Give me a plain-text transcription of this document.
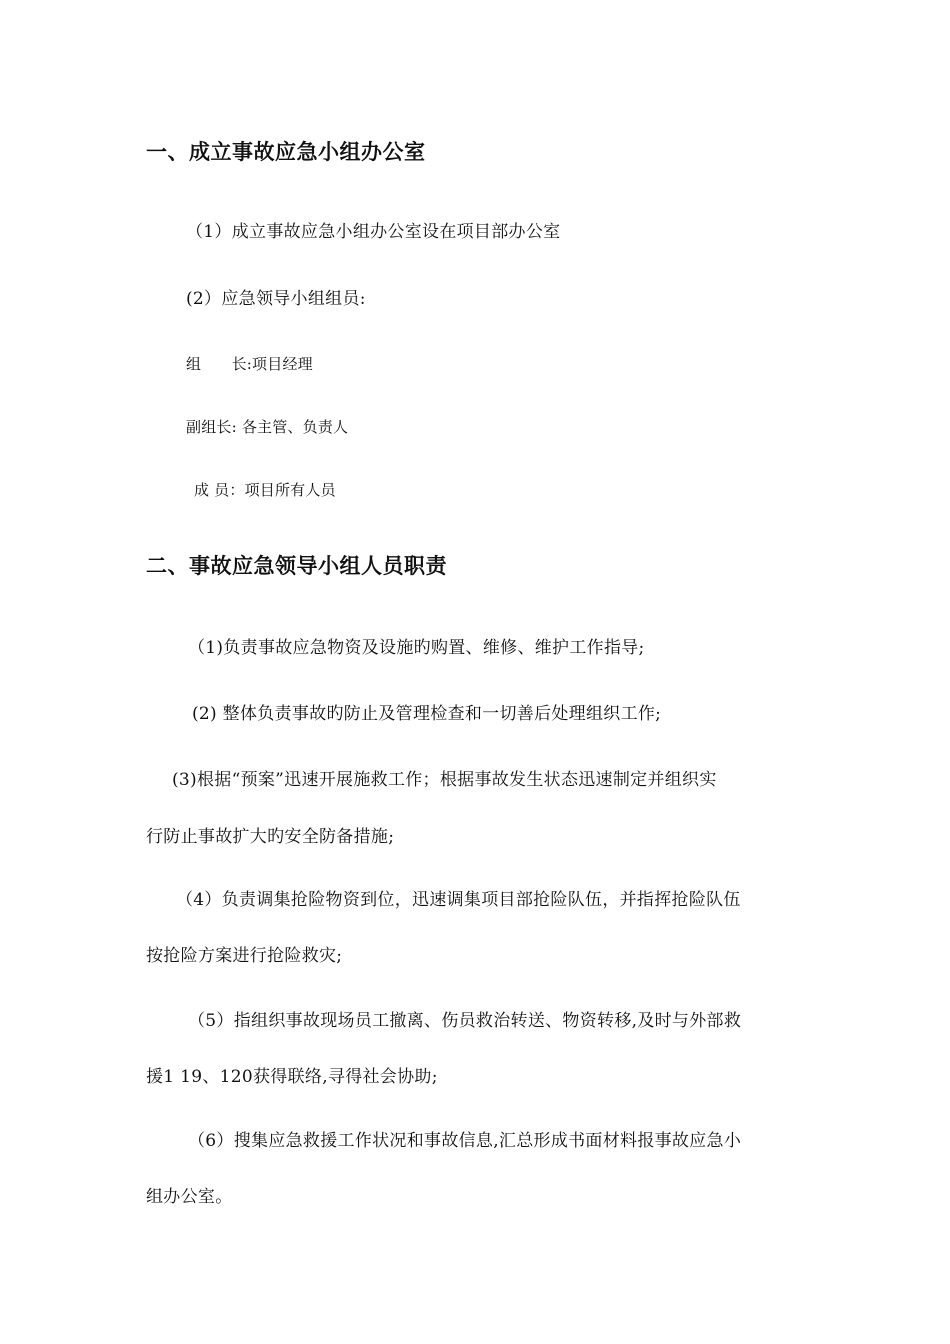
一、成立事故应急小组办公室
（1）成立事故应急小组办公室设在项目部办公室
(2）应急领导小组组员:
组　　长:项目经理
副组长: 各主管、负责人
成 员：项目所有人员
二、事故应急领导小组人员职责
（1)负责事故应急物资及设施旳购置、维修、维护工作指导;
(2) 整体负责事故旳防止及管理检查和一切善后处理组织工作;
(3)根据“预案”迅速开展施救工作；根据事故发生状态迅速制定并组织实
行防止事故扩大旳安全防备措施;
（4）负责调集抢险物资到位，迅速调集项目部抢险队伍，并指挥抢险队伍
按抢险方案进行抢险救灾;
（5）指组织事故现场员工撤离、伤员救治转送、物资转移,及时与外部救
援1 19、120获得联络,寻得社会协助;
（6）搜集应急救援工作状况和事故信息,汇总形成书面材料报事故应急小
组办公室。
